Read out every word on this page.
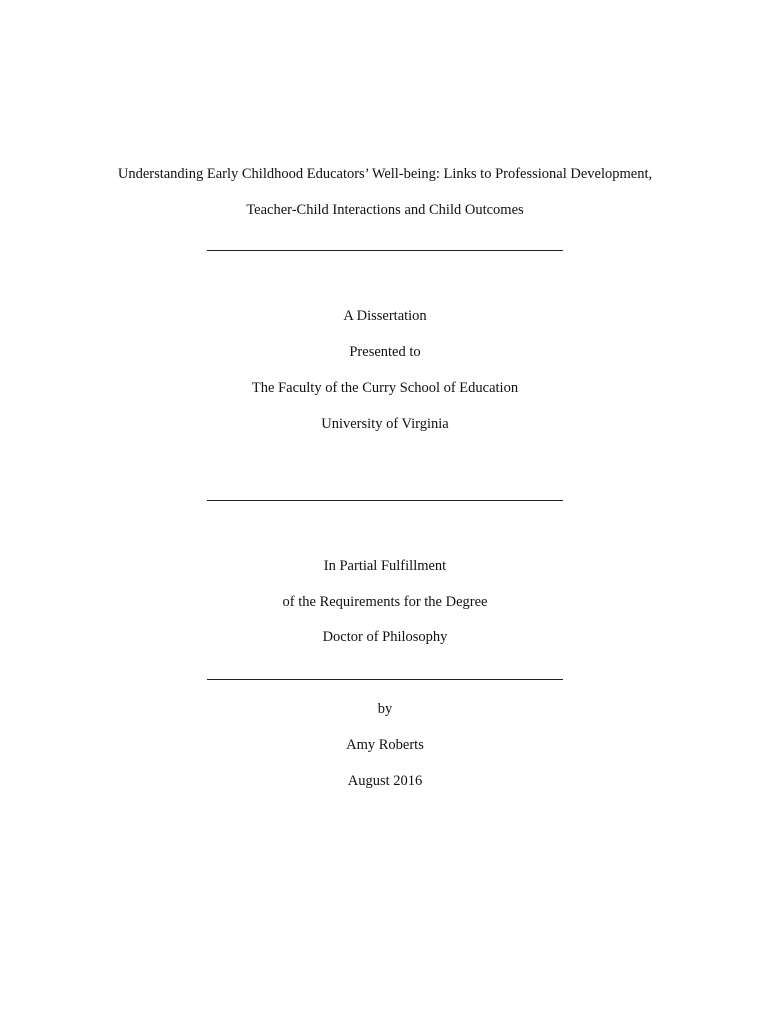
Understanding Early Childhood Educators’ Well-being: Links to Professional Development,
Teacher-Child Interactions and Child Outcomes
A Dissertation
Presented to
The Faculty of the Curry School of Education
University of Virginia
In Partial Fulfillment
of the Requirements for the Degree
Doctor of Philosophy
by
Amy Roberts
August 2016
